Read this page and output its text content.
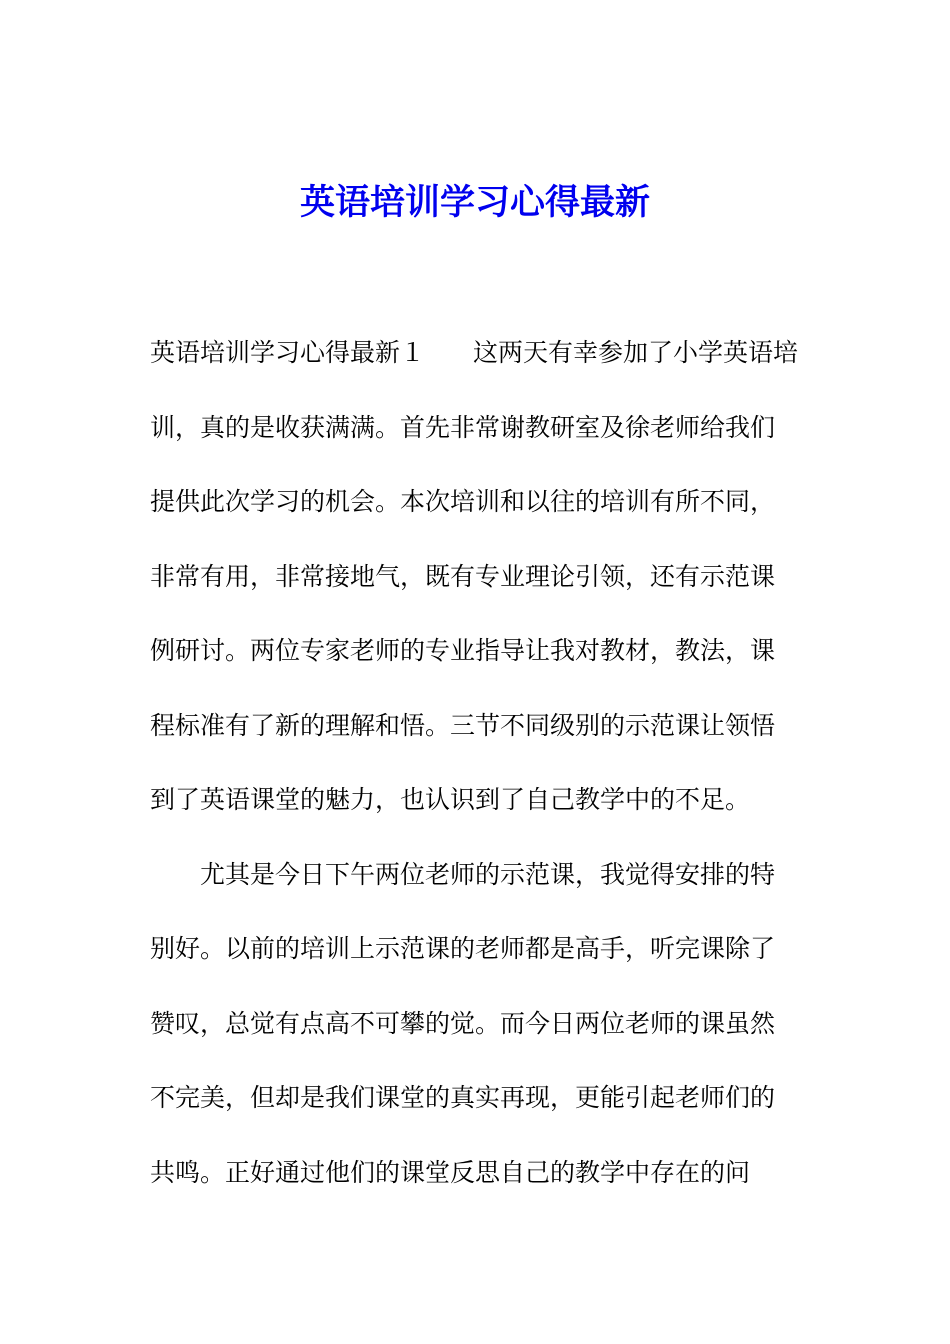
英语培训学习心得最新

英语培训学习心得最新１ 这两天有幸参加了小学英语培

训，真的是收获满满。首先非常谢教研室及徐老师给我们

提供此次学习的机会。本次培训和以往的培训有所不同，

非常有用，非常接地气，既有专业理论引领，还有示范课

例研讨。两位专家老师的专业指导让我对教材，教法，课

程标准有了新的理解和悟。三节不同级别的示范课让领悟

到了英语课堂的魅力，也认识到了自己教学中的不足。

尤其是今日下午两位老师的示范课，我觉得安排的特

别好。以前的培训上示范课的老师都是高手，听完课除了

赞叹，总觉有点高不可攀的觉。而今日两位老师的课虽然

不完美，但却是我们课堂的真实再现，更能引起老师们的

共鸣。正好通过他们的课堂反思自己的教学中存在的问
